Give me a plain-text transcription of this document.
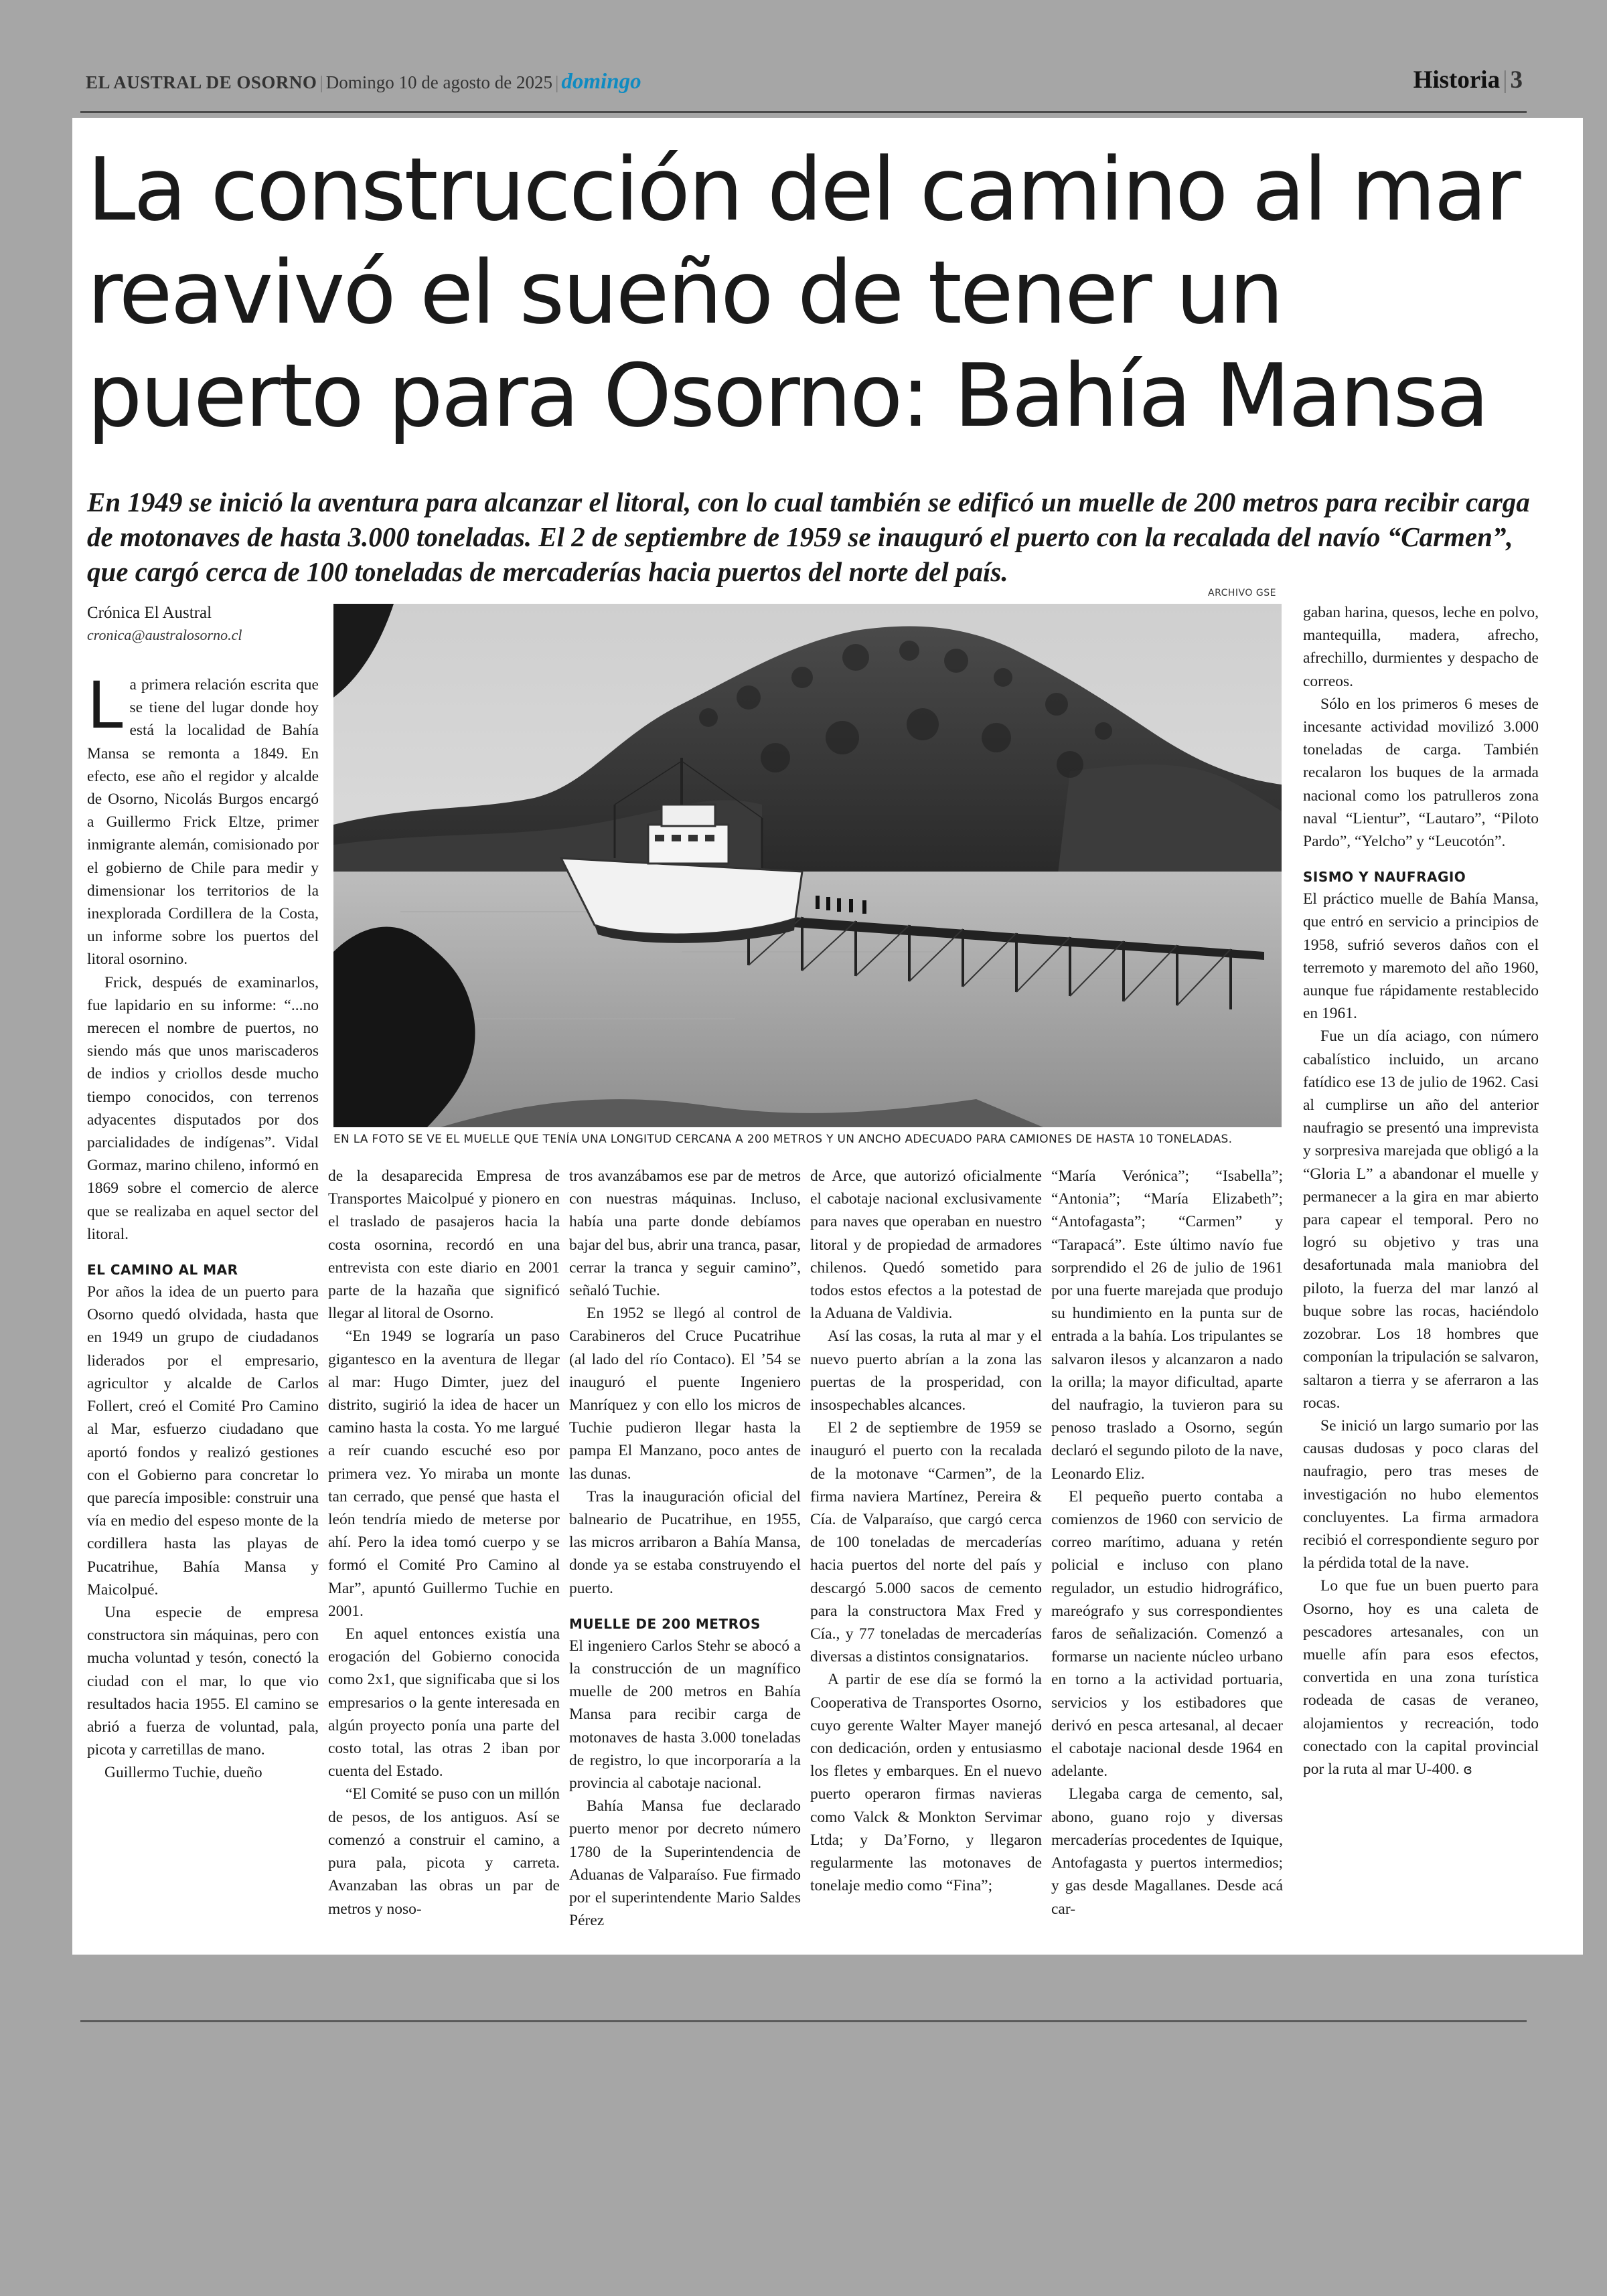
EL AUSTRAL DE OSORNO | Domingo 10 de agosto de 2025 | domingo	Historia | 3
La construcción del camino al mar reavivó el sueño de tener un puerto para Osorno: Bahía Mansa

En 1949 se inició la aventura para alcanzar el litoral, con lo cual también se edificó un muelle de 200 metros para recibir carga de motonaves de hasta 3.000 toneladas. El 2 de septiembre de 1959 se inauguró el puerto con la recalada del navío “Carmen”, que cargó cerca de 100 toneladas de mercaderías hacia puertos del norte del país.

ARCHIVO GSE
Crónica El Austral
cronica@australosorno.cl
EN LA FOTO SE VE EL MUELLE QUE TENÍA UNA LONGITUD CERCANA A 200 METROS Y UN ANCHO ADECUADO PARA CAMIONES DE HASTA 10 TONELADAS.

La primera relación escrita que se tiene del lugar donde hoy está la localidad de Bahía Mansa se remonta a 1849. En efecto, ese año el regidor y alcalde de Osorno, Nicolás Burgos encargó a Guillermo Frick Eltze, primer inmigrante alemán, comisionado por el gobierno de Chile para medir y dimensionar los territorios de la inexplorada Cordillera de la Costa, un informe sobre los puertos del litoral osornino.

Frick, después de examinarlos, fue lapidario en su informe: “...no merecen el nombre de puertos, no siendo más que unos mariscaderos de indios y criollos desde mucho tiempo conocidos, con terrenos adyacentes disputados por dos parcialidades de indígenas”. Vidal Gormaz, marino chileno, informó en 1869 sobre el comercio de alerce que se realizaba en aquel sector del litoral.

EL CAMINO AL MAR

Por años la idea de un puerto para Osorno quedó olvidada, hasta que en 1949 un grupo de ciudadanos liderados por el empresario, agricultor y alcalde de Carlos Follert, creó el Comité Pro Camino al Mar, esfuerzo ciudadano que aportó fondos y realizó gestiones con el Gobierno para concretar lo que parecía imposible: construir una vía en medio del espeso monte de la cordillera hasta las playas de Pucatrihue, Bahía Mansa y Maicolpué.

Una especie de empresa constructora sin máquinas, pero con mucha voluntad y tesón, conectó la ciudad con el mar, lo que vio resultados hacia 1955. El camino se abrió a fuerza de voluntad, pala, picota y carretillas de mano.

Guillermo Tuchie, dueño

de la desaparecida Empresa de Transportes Maicolpué y pionero en el traslado de pasajeros hacia la costa osornina, recordó en una entrevista con este diario en 2001 parte de la hazaña que significó llegar al litoral de Osorno.

“En 1949 se lograría un paso gigantesco en la aventura de llegar al mar: Hugo Dimter, juez del distrito, sugirió la idea de hacer un camino hasta la costa. Yo me largué a reír cuando escuché eso por primera vez. Yo miraba un monte tan cerrado, que pensé que hasta el león tendría miedo de meterse por ahí. Pero la idea tomó cuerpo y se formó el Comité Pro Camino al Mar”, apuntó Guillermo Tuchie en 2001.

En aquel entonces existía una erogación del Gobierno conocida como 2x1, que significaba que si los empresarios o la gente interesada en algún proyecto ponía una parte del costo total, las otras 2 iban por cuenta del Estado.

“El Comité se puso con un millón de pesos, de los antiguos. Así se comenzó a construir el camino, a pura pala, picota y carreta. Avanzaban las obras un par de metros y noso-

tros avanzábamos ese par de metros con nuestras máquinas. Incluso, había una parte donde debíamos bajar del bus, abrir una tranca, pasar, cerrar la tranca y seguir camino”, señaló Tuchie.

En 1952 se llegó al control de Carabineros del Cruce Pucatrihue (al lado del río Contaco). El ’54 se inauguró el puente Ingeniero Manríquez y con ello los micros de Tuchie pudieron llegar hasta la pampa El Manzano, poco antes de las dunas.

Tras la inauguración oficial del balneario de Pucatrihue, en 1955, las micros arribaron a Bahía Mansa, donde ya se estaba construyendo el puerto.

MUELLE DE 200 METROS

El ingeniero Carlos Stehr se abocó a la construcción de un magnífico muelle de 200 metros en Bahía Mansa para recibir carga de motonaves de hasta 3.000 toneladas de registro, lo que incorporaría a la provincia al cabotaje nacional.

Bahía Mansa fue declarado puerto menor por decreto número 1780 de la Superintendencia de Aduanas de Valparaíso. Fue firmado por el superintendente Mario Saldes Pérez

de Arce, que autorizó oficialmente el cabotaje nacional exclusivamente para naves que operaban en nuestro litoral y de propiedad de armadores chilenos. Quedó sometido para todos estos efectos a la potestad de la Aduana de Valdivia.

Así las cosas, la ruta al mar y el nuevo puerto abrían a la zona las puertas de la prosperidad, con insospechables alcances.

El 2 de septiembre de 1959 se inauguró el puerto con la recalada de la motonave “Carmen”, de la firma naviera Martínez, Pereira & Cía. de Valparaíso, que cargó cerca de 100 toneladas de mercaderías hacia puertos del norte del país y descargó 5.000 sacos de cemento para la constructora Max Fred y Cía., y 77 toneladas de mercaderías diversas a distintos consignatarios.

A partir de ese día se formó la Cooperativa de Transportes Osorno, cuyo gerente Walter Mayer manejó con dedicación, orden y entusiasmo los fletes y embarques. En el nuevo puerto operaron firmas navieras como Valck & Monkton Servimar Ltda; y Da’Forno, y llegaron regularmente las motonaves de tonelaje medio como “Fina”;

“María Verónica”; “Isabella”; “Antonia”; “María Elizabeth”; “Antofagasta”; “Carmen” y “Tarapacá”. Este último navío fue sorprendido el 26 de julio de 1961 por una fuerte marejada que produjo su hundimiento en la punta sur de entrada a la bahía. Los tripulantes se salvaron ilesos y alcanzaron a nado la orilla; la mayor dificultad, aparte del naufragio, la tuvieron para su penoso traslado a Osorno, según declaró el segundo piloto de la nave, Leonardo Eliz.

El pequeño puerto contaba a comienzos de 1960 con servicio de correo marítimo, aduana y retén policial e incluso con plano regulador, un estudio hidrográfico, mareógrafo y sus correspondientes faros de señalización. Comenzó a formarse un naciente núcleo urbano en torno a la actividad portuaria, servicios y los estibadores que derivó en pesca artesanal, al decaer el cabotaje nacional desde 1964 en adelante.

Llegaba carga de cemento, sal, abono, guano rojo y diversas mercaderías procedentes de Iquique, Antofagasta y puertos intermedios; y gas desde Magallanes. Desde acá car-

gaban harina, quesos, leche en polvo, mantequilla, madera, afrecho, afrechillo, durmientes y despacho de correos.

Sólo en los primeros 6 meses de incesante actividad movilizó 3.000 toneladas de carga. También recalaron los buques de la armada nacional como los patrulleros zona naval “Lientur”, “Lautaro”, “Piloto Pardo”, “Yelcho” y “Leucotón”.

SISMO Y NAUFRAGIO

El práctico muelle de Bahía Mansa, que entró en servicio a principios de 1958, sufrió severos daños con el terremoto y maremoto del año 1960, aunque fue rápidamente restablecido en 1961.

Fue un día aciago, con número cabalístico incluido, un arcano fatídico ese 13 de julio de 1962. Casi al cumplirse un año del anterior naufragio se presentó una imprevista y sorpresiva marejada que obligó a la “Gloria L” a abandonar el muelle y permanecer a la gira en mar abierto para capear el temporal. Pero no logró su objetivo y tras una desafortunada mala maniobra del piloto, la fuerza del mar lanzó al buque sobre las rocas, haciéndolo zozobrar. Los 18 hombres que componían la tripulación se salvaron, saltaron a tierra y se aferraron a las rocas.

Se inició un largo sumario por las causas dudosas y poco claras del naufragio, pero tras meses de investigación no hubo elementos concluyentes. La firma armadora recibió el correspondiente seguro por la pérdida total de la nave.

Lo que fue un buen puerto para Osorno, hoy es una caleta de pescadores artesanales, con un muelle afín para esos efectos, convertida en una zona turística rodeada de casas de veraneo, alojamientos y recreación, todo conectado con la capital provincial por la ruta al mar U-400. ɞ
